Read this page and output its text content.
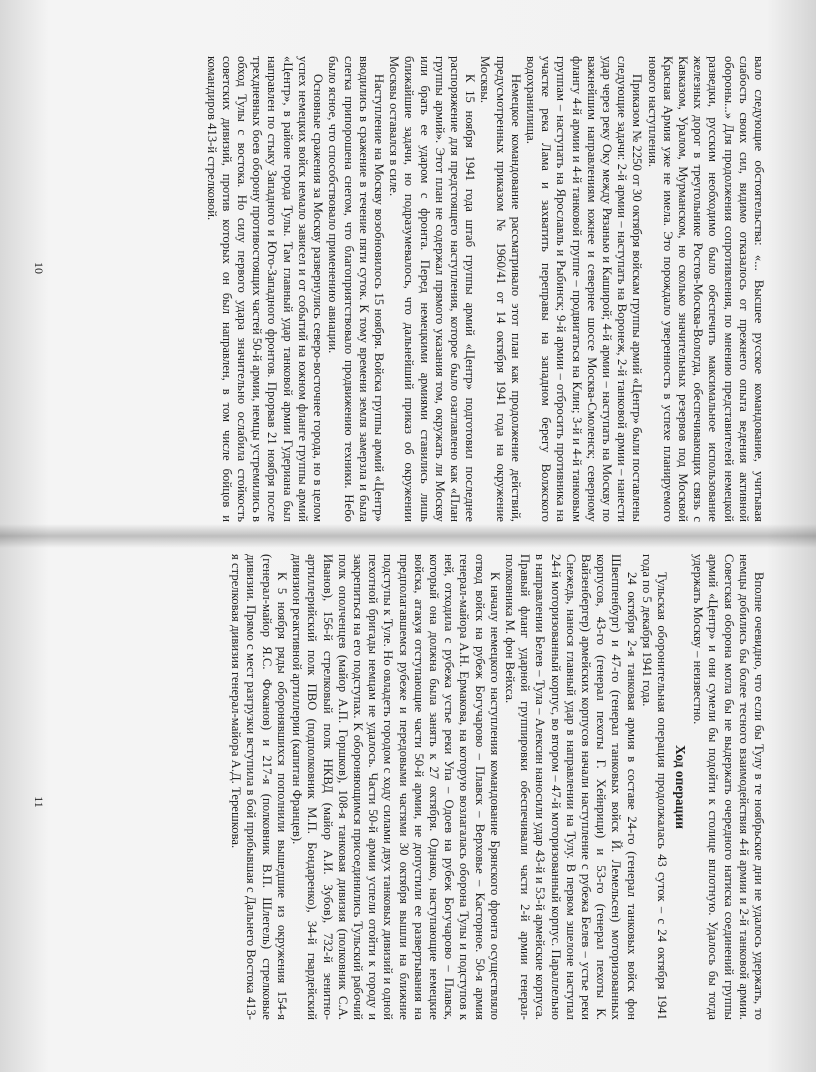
вало следующие обстоятельства: «... Высшее русское командование, учитывая слабость своих сил, видимо отказалось от прежнего опыта ведения активной обороны...» Для продолжения сопротивления, по мнению представителей немецкой разведки, русским необходимо было обеспечить максимальное использование железных дорог в треугольнике Ростов-Москва-Вологда, обеспечивающих связь с Кавказом, Уралом, Мурманском, но сколько значительных резервов под Москвой Красная Армия уже не имела. Это порождало уверенность в успехе планируемого нового наступления.

Приказом № 2250 от 30 октября войскам группы армий «Центр» были поставлены следующие задачи: 2-й армии – наступать на Воронеж, 2-й танковой армии – нанести удар через реку Оку между Рязанью и Каширой; 4-й армии – наступать на Москву по важнейшим направлениям южнее и севернее шоссе Москва-Смоленск; северному флангу 4-й армии и 4-й танковой группе – продвигаться на Клин; 3-й и 4-й танковым группам – наступать на Ярославль и Рыбинск; 9-й армии – отбросить противника на участке река Лама и захватить переправы на западном берегу Волжского водохранилища.

Немецкое командование рассматривало этот план как продолжение действий, предусмотренных приказом № 1960/41 от 14 октября 1941 года на окружение Москвы.

К 15 ноября 1941 года штаб группы армий «Центр» подготовил последнее распоряжение для предстоящего наступления, которое было озаглавлено как «План группы армий». Этот план не содержал прямого указания том, окружать ли Москву или брать ее ударом с фронта. Перед немецкими армиями ставились лишь ближайшие задачи, но подразумевалось, что дальнейший приказ об окружении Москвы оставался в силе.

Наступление на Москву возобновилось 15 ноября. Войска группы армий «Центр» вводились в сражение в течение пяти суток. К тому времени земля замерзла и была слегка припорошена снегом, что благоприятствовало продвижению техники. Небо было ясное, что способствовало применению авиации.

Основные сражения за Москву развернулись северо-восточнее города, но в целом успех немецких войск немало зависел и от событий на южном фланге группы армий «Центр», в районе города Тулы. Там главный удар танковой армии Гудериана был направлен по стыку Западного и Юго-Западного фронтов. Прорвав 21 ноября после трехдневных боев оборону противостоящих частей 50-й армии, немцы устремились в обход Тулы с востока. Но силу первого удара значительно ослабила стойкость советских дивизий, против которых он был направлен, в том числе бойцов и командиров 413-й стрелковой.

10

Вполне очевидно, что если бы Тулу в те ноябрьские дни не удалось удержать, то немцы добились бы более тесного взаимодействия 4-й армии и 2-й танковой армии. Советская оборона могла бы не выдержать очередного натиска соединений группы армий «Центр» и они сумели бы подойти к столице вплотную. Удалось бы тогда удержать Москву – неизвестно.

Ход операции

Тульская оборонительная операция продолжалась 43 суток – с 24 октября 1941 года по 5 декабря 1941 года.

24 октября 2-я танковая армия в составе 24-го (генерал танковых войск фон Швеппенбург) и 47-го (генерал танковых войск Й. Лемельсен) моторизованных корпусов, 43-го (генерал пехоты Г. Хейнрици) и 53-го (генерал пехоты К. Вайзенбергер) армейских корпусов начали наступление с рубежа Белев – устье реки Снежедь, нанося главный удар в направлении на Тулу. В первом эшелоне наступал 24-й моторизованный корпус, во втором – 47-й моторизованный корпус. Параллельно в направлении Белев – Тула – Алексин наносили удар 43-й и 53-й армейские корпуса. Правый фланг ударной группировки обеспечивали части 2-й армии генерал-полковника М. фон Вейхса.

К началу немецкого наступления командование Брянского фронта осуществляло отвод войск на рубеж Богучарово – Плавск – Верховье – Касторное. 50-я армия генерал-майора А.Н. Ермакова, на которую возлагалась оборона Тулы и подступов к ней, отходила с рубежа устье реки Упа – Одоев на рубеж Богучарово – Плавск, который она должна была занять к 27 октября. Однако, наступающие немецкие войска, атакуя отступающие части 50-й армии, не допустили ее развертывания на предполагавшемся рубеже и передовыми частями 30 октября вышли на ближние подступы к Туле. Но овладеть городом с ходу силами двух танковых дивизий и одной пехотной бригады немцам не удалось. Части 50-й армии успели отойти к городу и закрепиться на его подступах. К обороняющимся присоединились Тульский рабочий полк ополченцев (майор А.П. Горшков), 108-я танковая дивизия (полковник С.А. Иванов), 156-й стрелковый полк НКВД (майор А.И. Зубов), 732-й зенитно-артиллерийский полк ПВО (подполковник М.П. Бондаренко), 34-й гвардейский дивизион реактивной артиллерии (капитан Францев).

К 5 ноября ряды оборонявшихся пополнили вышедшие из окружения 154-я (генерал-майор Я.С. Фоканов) и 217-я (полковник В.П. Шлегель) стрелковые дивизии. Прямо с мест разгрузки вступила в бой прибывшая с Дальнего Востока 413-я стрелковая дивизия генерал-майора А.Д. Терешкова.

11
